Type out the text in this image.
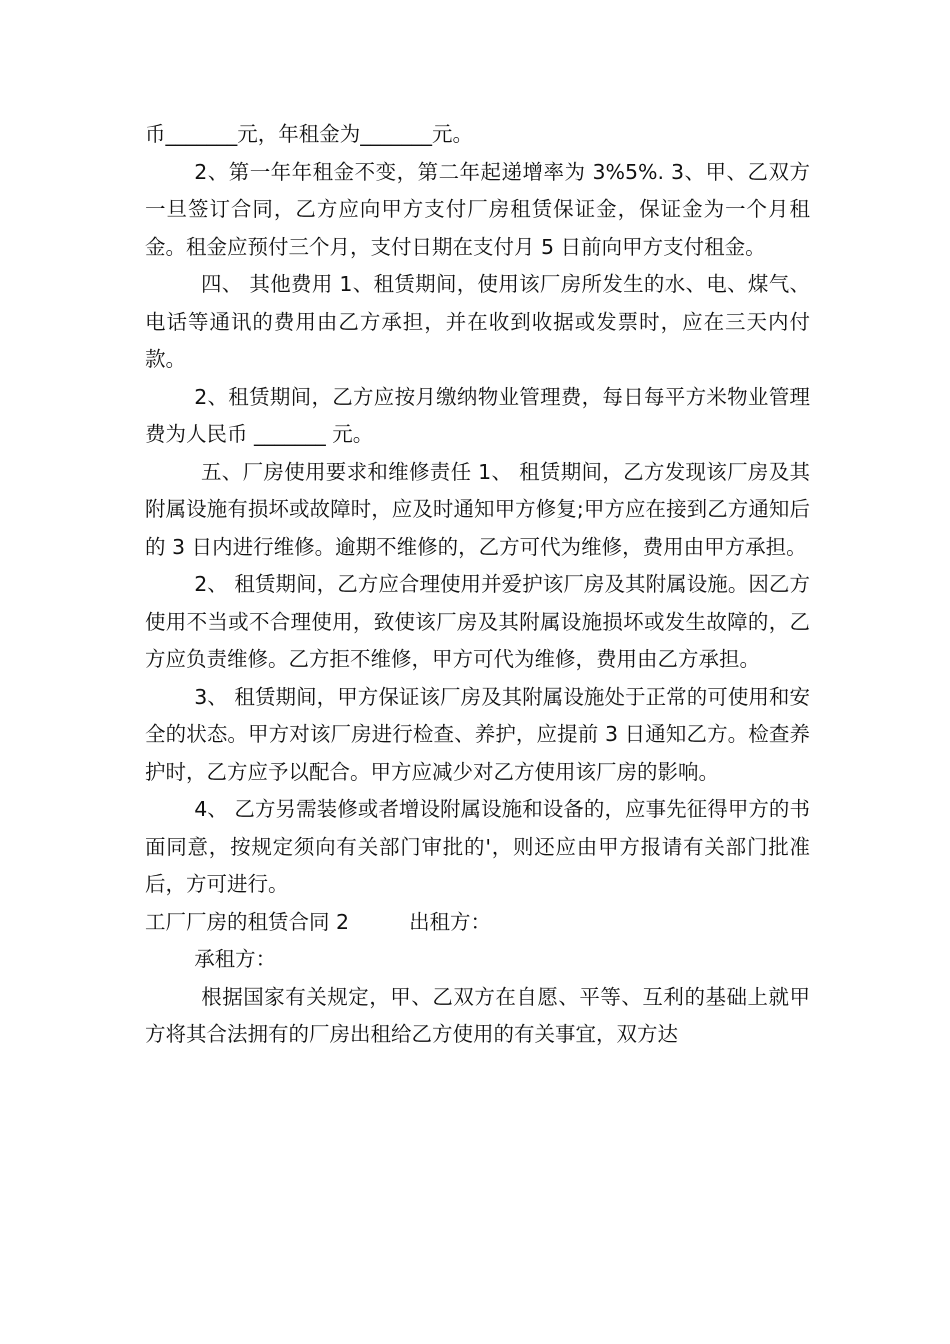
币_______元，年租金为_______元。

2、第一年年租金不变，第二年起递增率为 3%5%. 3、甲、乙双方一旦签订合同，乙方应向甲方支付厂房租赁保证金，保证金为一个月租金。租金应预付三个月，支付日期在支付月 5 日前向甲方支付租金。

四、 其他费用 1、租赁期间，使用该厂房所发生的水、电、煤气、电话等通讯的费用由乙方承担，并在收到收据或发票时，应在三天内付款。

2、租赁期间，乙方应按月缴纳物业管理费，每日每平方米物业管理费为人民币 _______ 元。

五、厂房使用要求和维修责任 1、 租赁期间，乙方发现该厂房及其附属设施有损坏或故障时，应及时通知甲方修复;甲方应在接到乙方通知后的 3 日内进行维修。逾期不维修的，乙方可代为维修，费用由甲方承担。

2、 租赁期间，乙方应合理使用并爱护该厂房及其附属设施。因乙方使用不当或不合理使用，致使该厂房及其附属设施损坏或发生故障的，乙方应负责维修。乙方拒不维修，甲方可代为维修，费用由乙方承担。

3、 租赁期间，甲方保证该厂房及其附属设施处于正常的可使用和安全的状态。甲方对该厂房进行检查、养护，应提前 3 日通知乙方。检查养护时，乙方应予以配合。甲方应减少对乙方使用该厂房的影响。

4、 乙方另需装修或者增设附属设施和设备的，应事先征得甲方的书面同意，按规定须向有关部门审批的'，则还应由甲方报请有关部门批准后，方可进行。

工厂厂房的租赁合同 2	出租方：

承租方：

根据国家有关规定，甲、乙双方在自愿、平等、互利的基础上就甲方将其合法拥有的厂房出租给乙方使用的有关事宜，双方达
